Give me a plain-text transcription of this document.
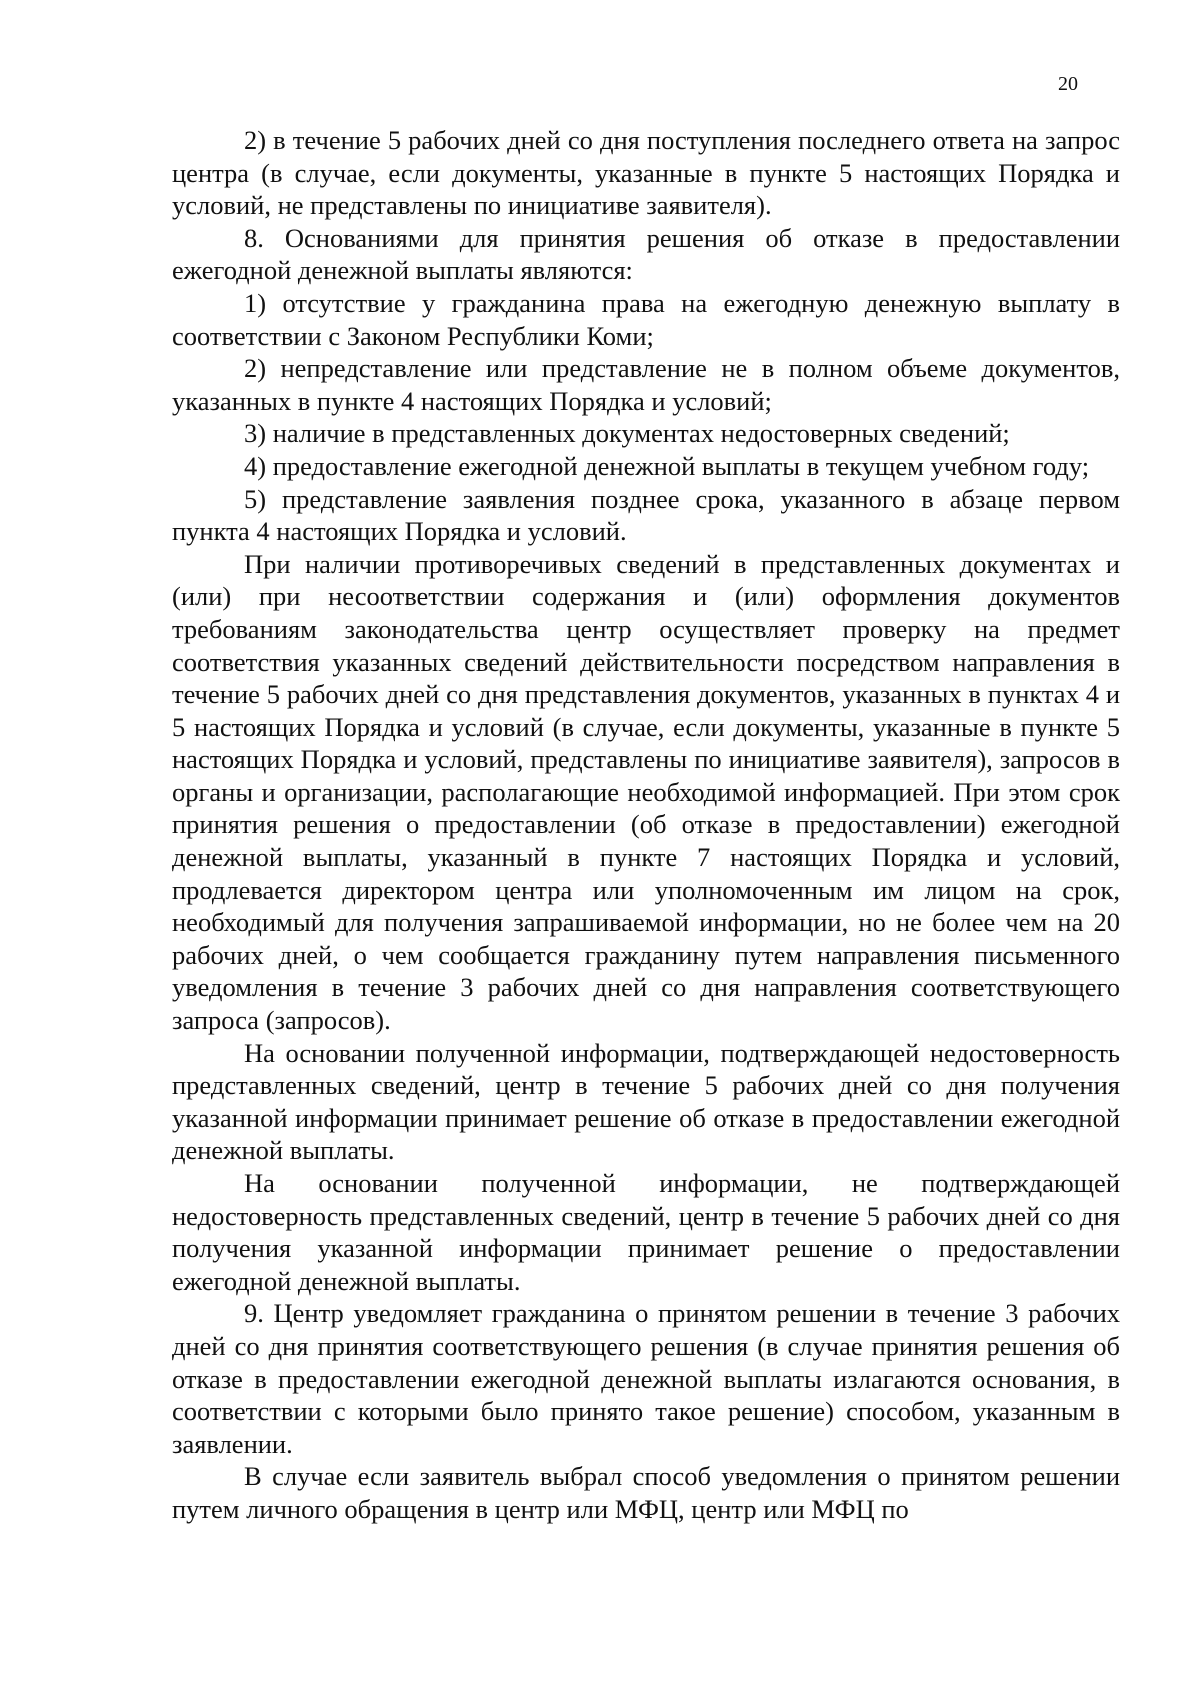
20

2) в течение 5 рабочих дней со дня поступления последнего ответа на запрос центра (в случае, если документы, указанные в пункте 5 настоящих Порядка и условий, не представлены по инициативе заявителя).

8. Основаниями для принятия решения об отказе в предоставлении ежегодной денежной выплаты являются:

1) отсутствие у гражданина права на ежегодную денежную выплату в соответствии с Законом Республики Коми;

2) непредставление или представление не в полном объеме документов, указанных в пункте 4 настоящих Порядка и условий;

3) наличие в представленных документах недостоверных сведений;

4) предоставление ежегодной денежной выплаты в текущем учебном году;

5) представление заявления позднее срока, указанного в абзаце первом пункта 4 настоящих Порядка и условий.

При наличии противоречивых сведений в представленных документах и (или) при несоответствии содержания и (или) оформления документов требованиям законодательства центр осуществляет проверку на предмет соответствия указанных сведений действительности посредством направления в течение 5 рабочих дней со дня представления документов, указанных в пунктах 4 и 5 настоящих Порядка и условий (в случае, если документы, указанные в пункте 5 настоящих Порядка и условий, представлены по инициативе заявителя), запросов в органы и организации, располагающие необходимой информацией. При этом срок принятия решения о предоставлении (об отказе в предоставлении) ежегодной денежной выплаты, указанный в пункте 7 настоящих Порядка и условий, продлевается директором центра или уполномоченным им лицом на срок, необходимый для получения запрашиваемой информации, но не более чем на 20 рабочих дней, о чем сообщается гражданину путем направления письменного уведомления в течение 3 рабочих дней со дня направления соответствующего запроса (запросов).

На основании полученной информации, подтверждающей недостоверность представленных сведений, центр в течение 5 рабочих дней со дня получения указанной информации принимает решение об отказе в предоставлении ежегодной денежной выплаты.

На основании полученной информации, не подтверждающей недостоверность представленных сведений, центр в течение 5 рабочих дней со дня получения указанной информации принимает решение о предоставлении ежегодной денежной выплаты.

9. Центр уведомляет гражданина о принятом решении в течение 3 рабочих дней со дня принятия соответствующего решения (в случае принятия решения об отказе в предоставлении ежегодной денежной выплаты излагаются основания, в соответствии с которыми было принято такое решение) способом, указанным в заявлении.

В случае если заявитель выбрал способ уведомления о принятом решении путем личного обращения в центр или МФЦ, центр или МФЦ по
